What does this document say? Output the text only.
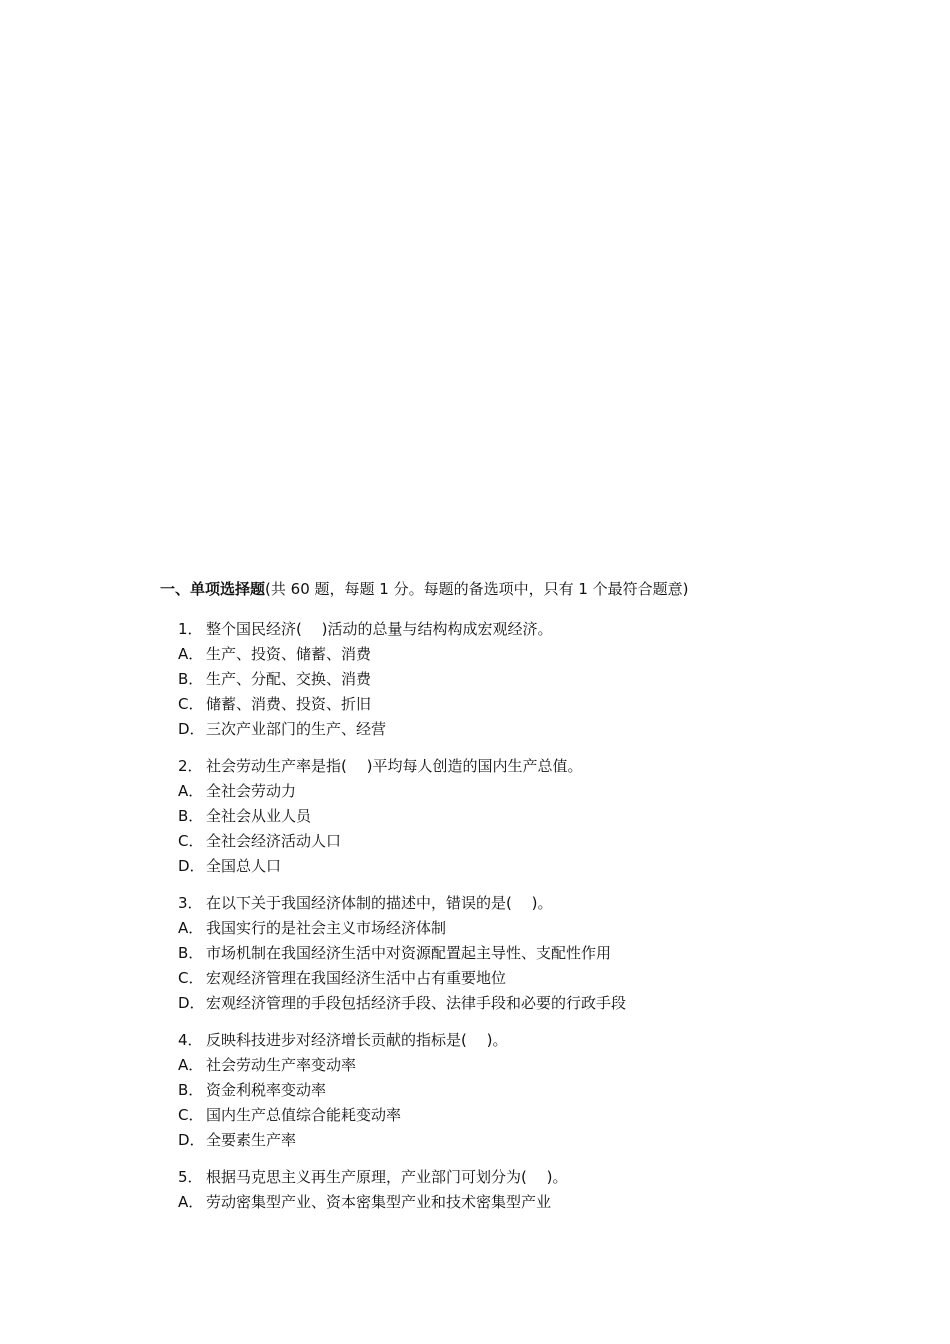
一、单项选择题(共 60 题，每题 1 分。每题的备选项中，只有 1 个最符合题意)
1． 整个国民经济(　 )活动的总量与结构构成宏观经济。
A． 生产、投资、储蓄、消费
B． 生产、分配、交换、消费
C． 储蓄、消费、投资、折旧
D．三次产业部门的生产、经营
2． 社会劳动生产率是指(　 )平均每人创造的国内生产总值。
A． 全社会劳动力
B． 全社会从业人员
C． 全社会经济活动人口
D．全国总人口
3． 在以下关于我国经济体制的描述中，错误的是(　 )。
A． 我国实行的是社会主义市场经济体制
B． 市场机制在我国经济生活中对资源配置起主导性、支配性作用
C． 宏观经济管理在我国经济生活中占有重要地位
D．宏观经济管理的手段包括经济手段、法律手段和必要的行政手段
4． 反映科技进步对经济增长贡献的指标是(　 )。
A． 社会劳动生产率变动率
B． 资金利税率变动率
C． 国内生产总值综合能耗变动率
D．全要素生产率
5． 根据马克思主义再生产原理，产业部门可划分为(　 )。
A． 劳动密集型产业、资本密集型产业和技术密集型产业
